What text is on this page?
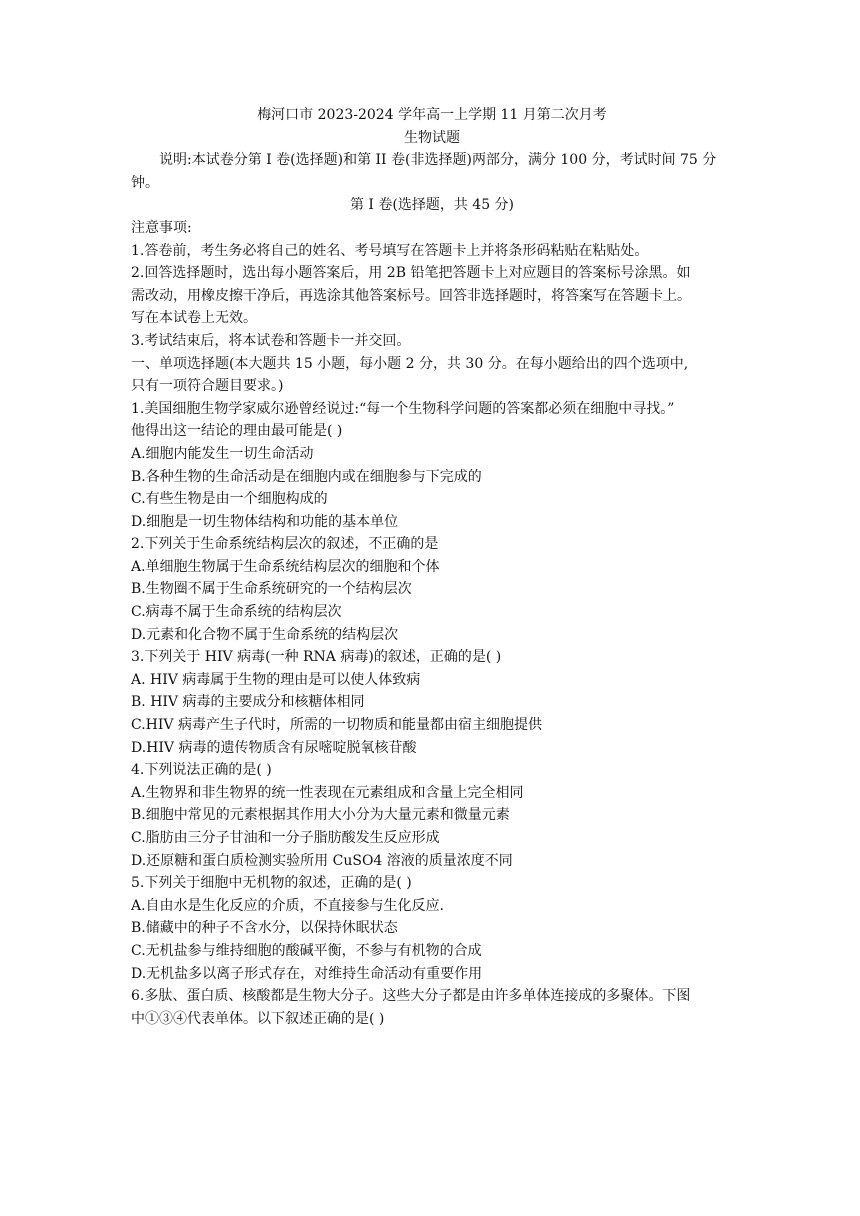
梅河口市 2023-2024 学年高一上学期 11 月第二次月考
生物试题
说明:本试卷分第 I 卷(选择题)和第 II 卷(非选择题)两部分，满分 100 分，考试时间 75 分
钟。
第 I 卷(选择题，共 45 分)
注意事项:
1.答卷前，考生务必将自己的姓名、考号填写在答题卡上并将条形码粘贴在粘贴处。
2.回答选择题时，选出每小题答案后，用 2B 铅笔把答题卡上对应题目的答案标号涂黑。如
需改动，用橡皮擦干净后，再选涂其他答案标号。回答非选择题时，将答案写在答题卡上。
写在本试卷上无效。
3.考试结束后，将本试卷和答题卡一并交回。
一、单项选择题(本大题共 15 小题，每小题 2 分，共 30 分。在每小题给出的四个选项中,
只有一项符合题目要求。)
1.美国细胞生物学家威尔逊曾经说过:“每一个生物科学问题的答案都必须在细胞中寻找。”
他得出这一结论的理由最可能是( )
A.细胞内能发生一切生命活动
B.各种生物的生命活动是在细胞内或在细胞参与下完成的
C.有些生物是由一个细胞构成的
D.细胞是一切生物体结构和功能的基本单位
2.下列关于生命系统结构层次的叙述，不正确的是
A.单细胞生物属于生命系统结构层次的细胞和个体
B.生物圈不属于生命系统研究的一个结构层次
C.病毒不属于生命系统的结构层次
D.元素和化合物不属于生命系统的结构层次
3.下列关于 HIV 病毒(一种 RNA 病毒)的叙述，正确的是( )
A. HIV 病毒属于生物的理由是可以使人体致病
B. HIV 病毒的主要成分和核糖体相同
C.HIV 病毒产生子代时，所需的一切物质和能量都由宿主细胞提供
D.HIV 病毒的遗传物质含有尿嘧啶脱氧核苷酸
4.下列说法正确的是( )
A.生物界和非生物界的统一性表现在元素组成和含量上完全相同
B.细胞中常见的元素根据其作用大小分为大量元素和微量元素
C.脂肪由三分子甘油和一分子脂肪酸发生反应形成
D.还原糖和蛋白质检测实验所用 CuSO4 溶液的质量浓度不同
5.下列关于细胞中无机物的叙述，正确的是( )
A.自由水是生化反应的介质，不直接参与生化反应.
B.储藏中的种子不含水分，以保持休眠状态
C.无机盐参与维持细胞的酸碱平衡，不参与有机物的合成
D.无机盐多以离子形式存在，对维持生命活动有重要作用
6.多肽、蛋白质、核酸都是生物大分子。这些大分子都是由许多单体连接成的多聚体。下图
中①③④代表单体。以下叙述正确的是( )
